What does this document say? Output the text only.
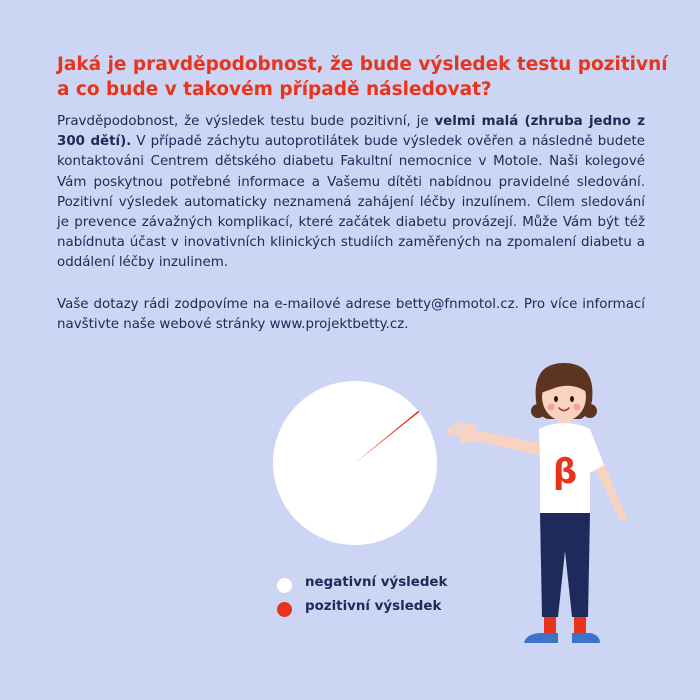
Jaká je pravděpodobnost, že bude výsledek testu pozitivní
a co bude v takovém případě následovat?

Pravděpodobnost, že výsledek testu bude pozitivní, je velmi malá (zhruba jedno z 300 dětí). V případě záchytu autoprotilátek bude výsledek ověřen a následně budete kontaktováni Centrem dětského diabetu Fakultní nemocnice v Motole. Naši kolegové Vám poskytnou potřebné informace a Vašemu dítěti nabídnou pravidelné sledování. Pozitivní výsledek automaticky neznamená zahájení léčby inzulínem. Cílem sledování je prevence závažných komplikací, které začátek diabetu provázejí. Může Vám být též nabídnuta účast v inovativních klinických studiích zaměřených na zpomalení diabetu a oddálení léčby inzulinem.

Vaše dotazy rádi zodpovíme na e-mailové adrese betty@fnmotol.cz. Pro více informací navštivte naše webové stránky www.projektbetty.cz.

negativní výsledek
pozitivní výsledek
β
